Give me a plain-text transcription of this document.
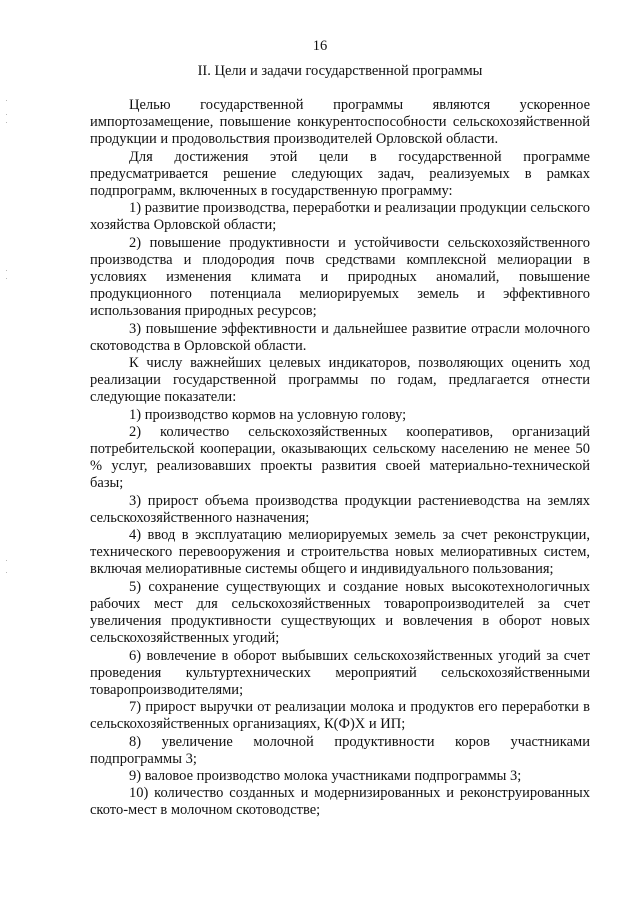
16
II. Цели и задачи государственной программы

Целью государственной программы являются ускоренное импортозамещение, повышение конкурентоспособности сельскохозяйственной продукции и продовольствия производителей Орловской области.

Для достижения этой цели в государственной программе предусматривается решение следующих задач, реализуемых в рамках подпрограмм, включенных в государственную программу:

1) развитие производства, переработки и реализации продукции сельского хозяйства Орловской области;

2) повышение продуктивности и устойчивости сельскохозяйственного производства и плодородия почв средствами комплексной мелиорации в условиях изменения климата и природных аномалий, повышение продукционного потенциала мелиорируемых земель и эффективного использования природных ресурсов;

3) повышение эффективности и дальнейшее развитие отрасли молочного скотоводства в Орловской области.

К числу важнейших целевых индикаторов, позволяющих оценить ход реализации государственной программы по годам, предлагается отнести следующие показатели:

1) производство кормов на условную голову;

2) количество сельскохозяйственных кооперативов, организаций потребительской кооперации, оказывающих сельскому населению не менее 50 % услуг, реализовавших проекты развития своей материально-технической базы;

3) прирост объема производства продукции растениеводства на землях сельскохозяйственного назначения;

4) ввод в эксплуатацию мелиорируемых земель за счет реконструкции, технического перевооружения и строительства новых мелиоративных систем, включая мелиоративные системы общего и индивидуального пользования;

5) сохранение существующих и создание новых высокотехнологичных рабочих мест для сельскохозяйственных товаропроизводителей за счет увеличения продуктивности существующих и вовлечения в оборот новых сельскохозяйственных угодий;

6) вовлечение в оборот выбывших сельскохозяйственных угодий за счет проведения культуртехнических мероприятий сельскохозяйственными товаропроизводителями;

7) прирост выручки от реализации молока и продуктов его переработки в сельскохозяйственных организациях, К(Ф)Х и ИП;

8) увеличение молочной продуктивности коров участниками подпрограммы 3;

9) валовое производство молока участниками подпрограммы 3;

10) количество созданных и модернизированных и реконструированных ското-мест в молочном скотоводстве;
